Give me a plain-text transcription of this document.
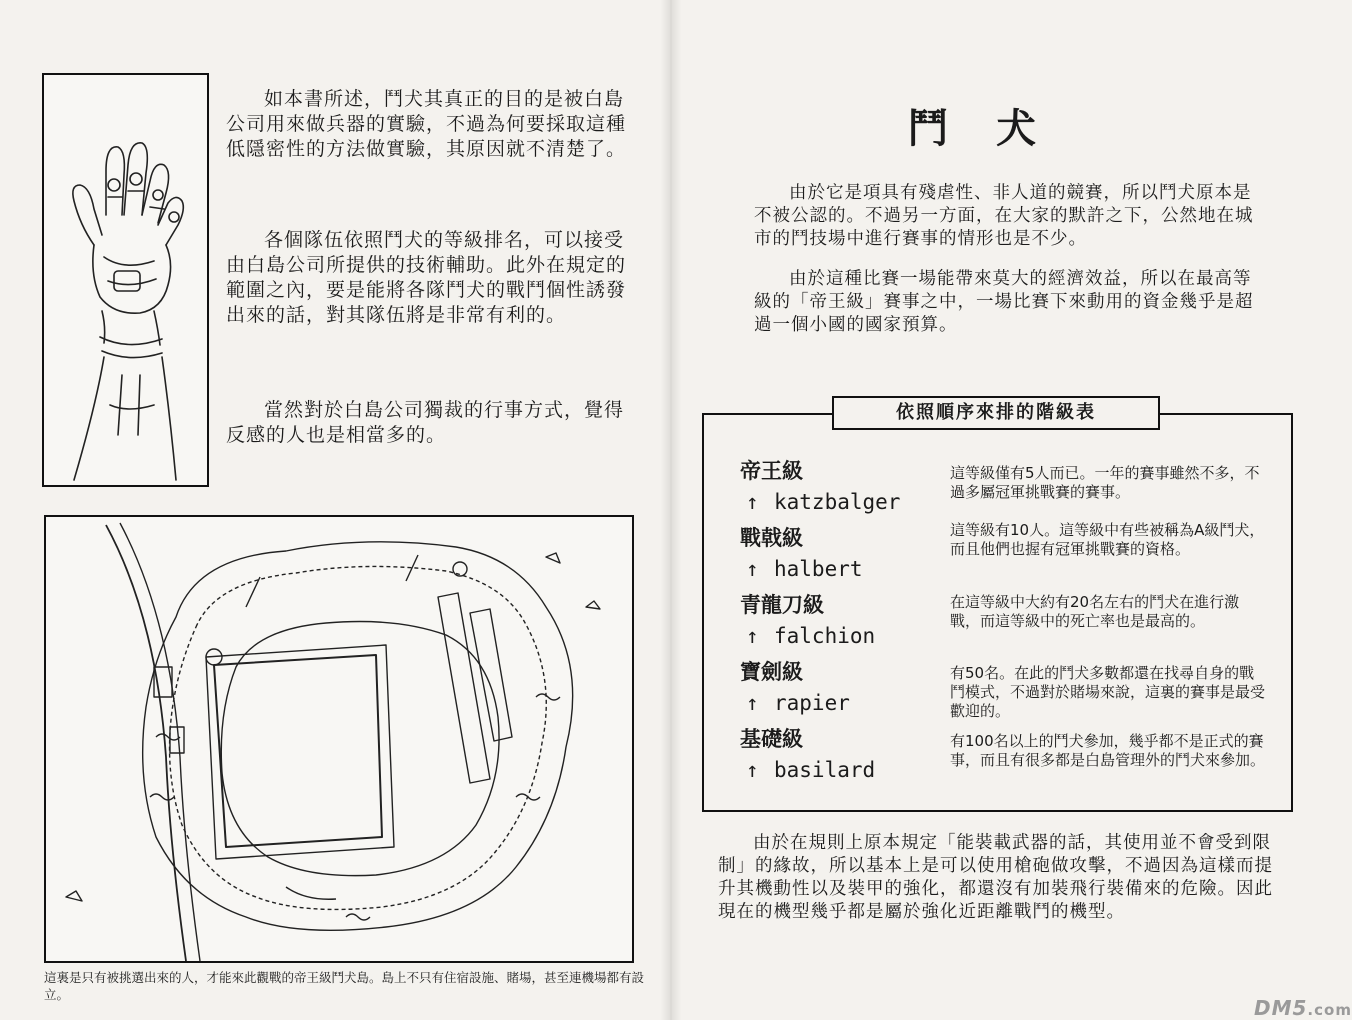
如本書所述，鬥犬其真正的目的是被白島公司用來做兵器的實驗，不過為何要採取這種低隱密性的方法做實驗，其原因就不清楚了。

各個隊伍依照鬥犬的等級排名，可以接受由白島公司所提供的技術輔助。此外在規定的範圍之內，要是能將各隊鬥犬的戰鬥個性誘發出來的話，對其隊伍將是非常有利的。

當然對於白島公司獨裁的行事方式，覺得反感的人也是相當多的。

這裏是只有被挑選出來的人，才能來此觀戰的帝王級鬥犬島。島上不只有住宿設施、賭場，甚至連機場都有設立。
鬥犬

由於它是項具有殘虐性、非人道的競賽，所以鬥犬原本是不被公認的。不過另一方面，在大家的默許之下，公然地在城市的鬥技場中進行賽事的情形也是不少。

由於這種比賽一場能帶來莫大的經濟效益，所以在最高等級的「帝王級」賽事之中，一場比賽下來動用的資金幾乎是超過一個小國的國家預算。

依照順序來排的階級表
帝王級
戰戟級
青龍刀級
寶劍級
基礎級
↑ katzbalger
↑ halbert
↑ falchion
↑ rapier
↑ basilard
這等級僅有5人而已。一年的賽事雖然不多，不過多屬冠軍挑戰賽的賽事。
這等級有10人。這等級中有些被稱為A級鬥犬，而且他們也握有冠軍挑戰賽的資格。
在這等級中大約有20名左右的鬥犬在進行激戰，而這等級中的死亡率也是最高的。
有50名。在此的鬥犬多數都還在找尋自身的戰鬥模式，不過對於賭場來說，這裏的賽事是最受歡迎的。
有100名以上的鬥犬參加，幾乎都不是正式的賽事，而且有很多都是白島管理外的鬥犬來參加。

由於在規則上原本規定「能裝載武器的話，其使用並不會受到限制」的緣故，所以基本上是可以使用槍砲做攻擊，不過因為這樣而提升其機動性以及裝甲的強化，都還沒有加裝飛行裝備來的危險。因此現在的機型幾乎都是屬於強化近距離戰鬥的機型。

DM5.com
